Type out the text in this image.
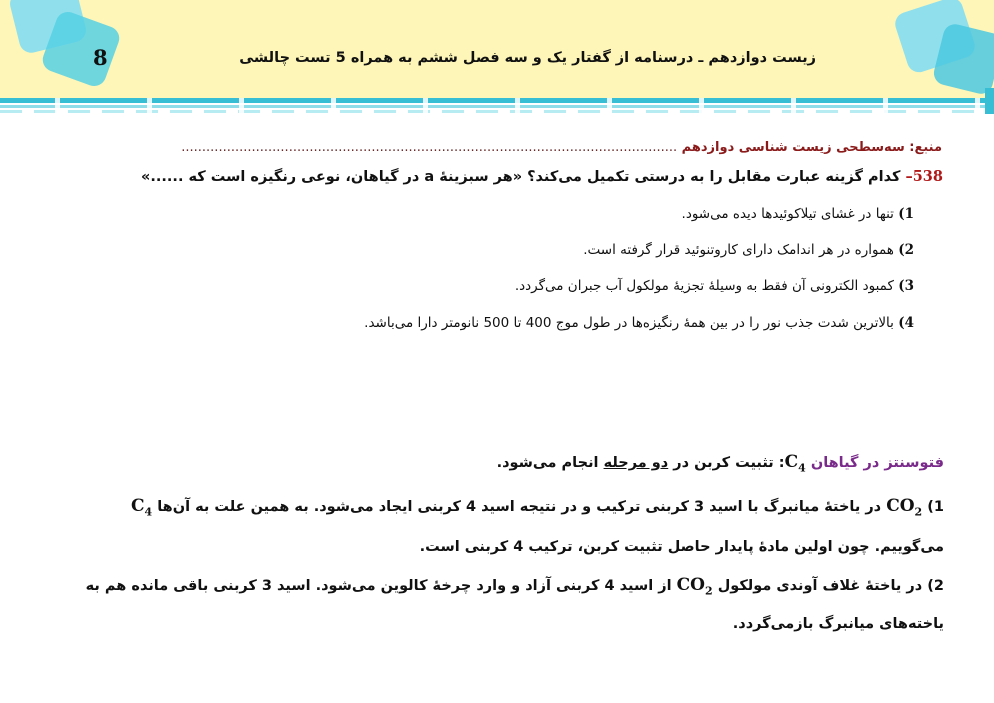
زیست دوازدهم ـ درسنامه از گفتار یک و سه فصل ششم به همراه 5 تست چالشی
8
منبع: سه‌سطحی زیست شناسی دوازدهم ........................................................................................................................
538– کدام گزینه عبارت مقابل را به درستی تکمیل می‌کند؟ «هر سبزینهٔ a در گیاهان، نوعی رنگیزه است که ......»
1) تنها در غشای تیلاکوئیدها دیده می‌شود.
2) همواره در هر اندامک دارای کاروتنوئید قرار گرفته است.
3) کمبود الکترونی آن فقط به وسیلهٔ تجزیهٔ مولکول آب جبران می‌گردد.
4) بالاترین شدت جذب نور را در بین همهٔ رنگیزه‌ها در طول موج 400 تا 500 نانومتر دارا می‌باشد.
فتوسنتز در گیاهان $C_4$: تثبیت کربن در دو مرحله انجام می‌شود.
1) $CO_2$ در یاختهٔ میانبرگ با اسید 3 کربنی ترکیب و در نتیجه اسید 4 کربنی ایجاد می‌شود. به همین علت به آن‌ها $C_4$
می‌گوییم. چون اولین مادهٔ پایدار حاصل تثبیت کربن، ترکیب 4 کربنی است.
2) در یاختهٔ غلاف آوندی مولکول $CO_2$ از اسید 4 کربنی آزاد و وارد چرخهٔ کالوین می‌شود. اسید 3 کربنی باقی مانده هم به
یاخته‌های میانبرگ بازمی‌گردد.
